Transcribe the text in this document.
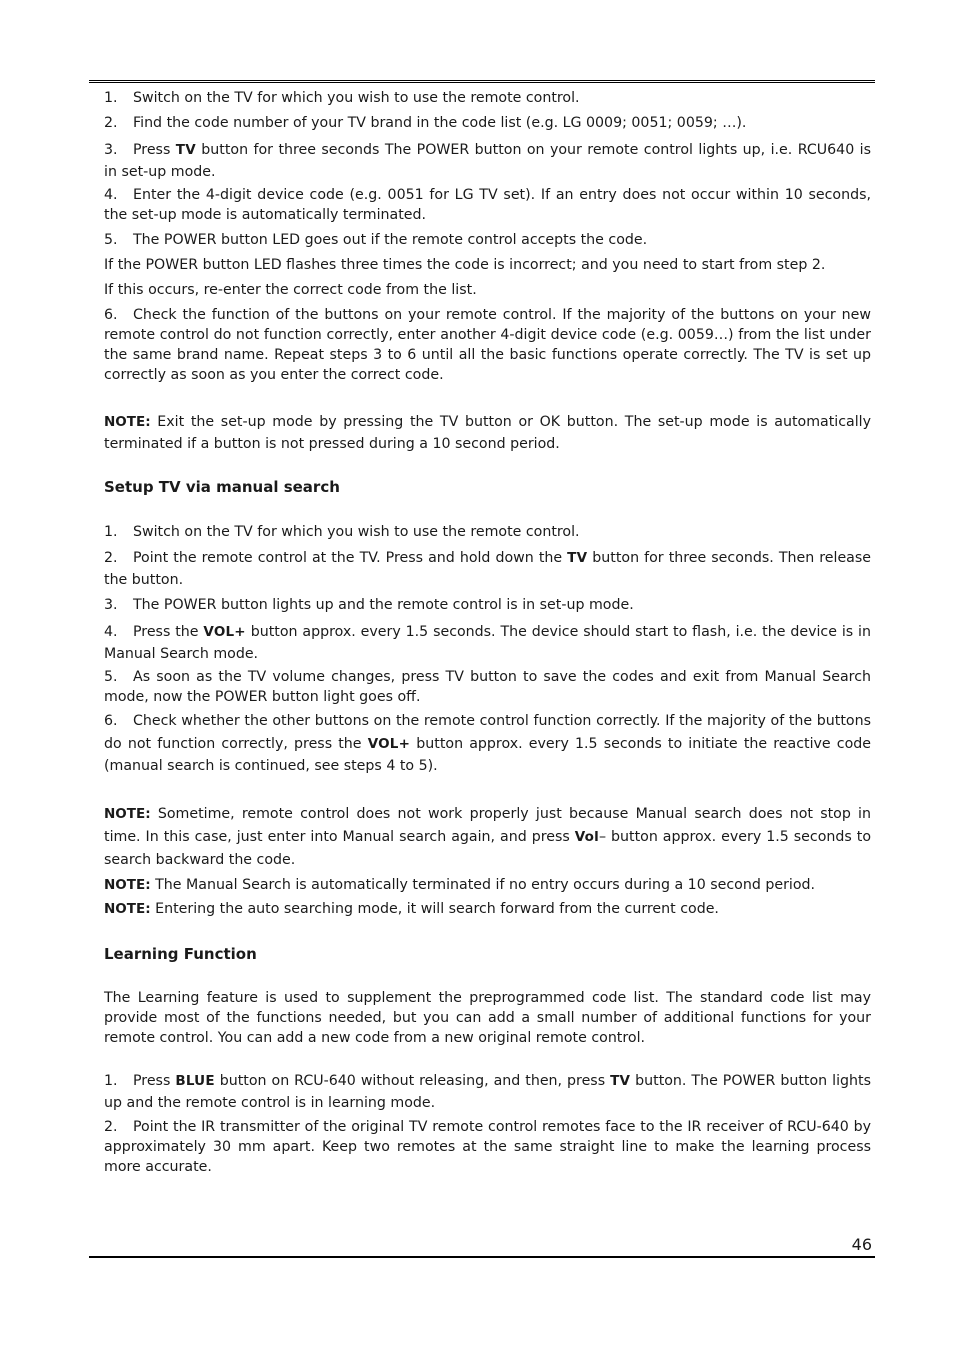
1. Switch on the TV for which you wish to use the remote control.

2. Find the code number of your TV brand in the code list (e.g. LG 0009; 0051; 0059; …).

3. Press TV button for three seconds The POWER button on your remote control lights up, i.e. RCU640 is in set-up mode.

4. Enter the 4-digit device code (e.g. 0051 for LG TV set). If an entry does not occur within 10 seconds, the set-up mode is automatically terminated.

5. The POWER button LED goes out if the remote control accepts the code.

If the POWER button LED flashes three times the code is incorrect; and you need to start from step 2.

If this occurs, re-enter the correct code from the list.

6. Check the function of the buttons on your remote control. If the majority of the buttons on your new remote control do not function correctly, enter another 4-digit device code (e.g. 0059…) from the list under the same brand name. Repeat steps 3 to 6 until all the basic functions operate correctly. The TV is set up correctly as soon as you enter the correct code.

NOTE: Exit the set-up mode by pressing the TV button or OK button. The set-up mode is automatically terminated if a button is not pressed during a 10 second period.

Setup TV via manual search

1. Switch on the TV for which you wish to use the remote control.

2. Point the remote control at the TV. Press and hold down the TV button for three seconds. Then release the button.

3. The POWER button lights up and the remote control is in set-up mode.

4. Press the VOL+ button approx. every 1.5 seconds. The device should start to flash, i.e. the device is in Manual Search mode.

5. As soon as the TV volume changes, press TV button to save the codes and exit from Manual Search mode, now the POWER button light goes off.

6. Check whether the other buttons on the remote control function correctly. If the majority of the buttons do not function correctly, press the VOL+ button approx. every 1.5 seconds to initiate the reactive code (manual search is continued, see steps 4 to 5).

NOTE: Sometime, remote control does not work properly just because Manual search does not stop in time. In this case, just enter into Manual search again, and press Vol– button approx. every 1.5 seconds to search backward the code.

NOTE: The Manual Search is automatically terminated if no entry occurs during a 10 second period.

NOTE: Entering the auto searching mode, it will search forward from the current code.

Learning Function

The Learning feature is used to supplement the preprogrammed code list. The standard code list may provide most of the functions needed, but you can add a small number of additional functions for your remote control. You can add a new code from a new original remote control.

1. Press BLUE button on RCU-640 without releasing, and then, press TV button. The POWER button lights up and the remote control is in learning mode.

2. Point the IR transmitter of the original TV remote control remotes face to the IR receiver of RCU-640 by approximately 30 mm apart. Keep two remotes at the same straight line to make the learning process more accurate.

46
